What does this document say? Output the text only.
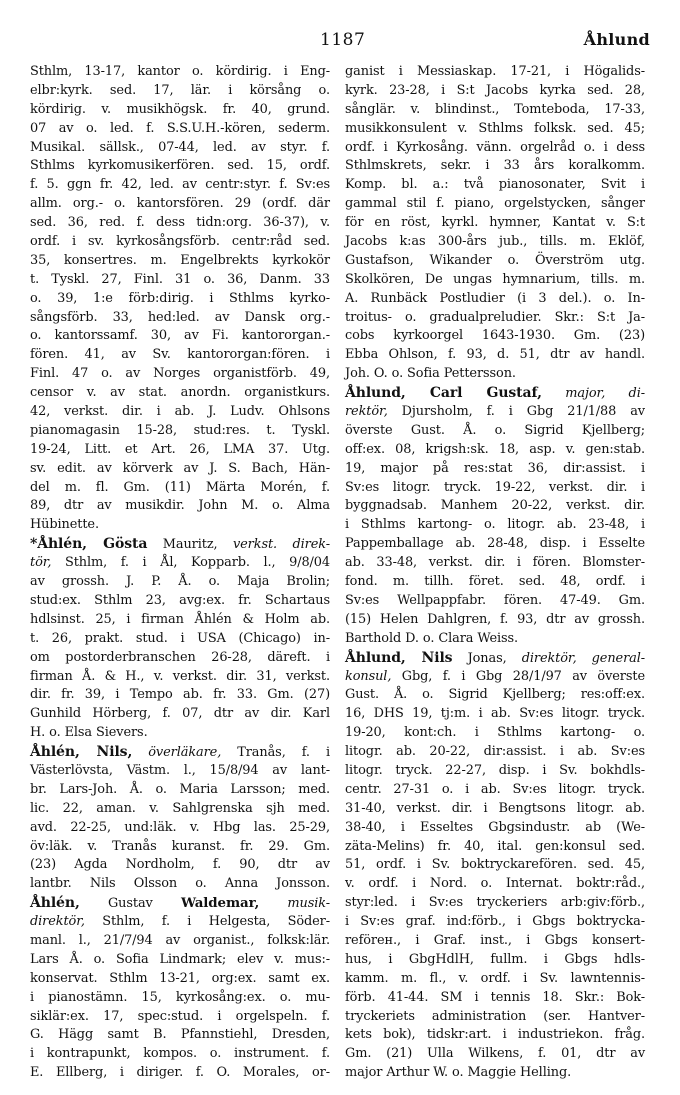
1187	Åhlund
Sthlm, 13-17, kantor o. kördirig. i Eng-
elbr:kyrk. sed. 17, lär. i körsång o.
kördirig. v. musikhögsk. fr. 40, grund.
07 av o. led. f. S.S.U.H.-kören, sederm.
Musikal. sällsk., 07-44, led. av styr. f.
Sthlms kyrkomusikerfören. sed. 15, ordf.
f. 5. ggn fr. 42, led. av centr:styr. f. Sv:es
allm. org.- o. kantorsfören. 29 (ordf. där
sed. 36, red. f. dess tidn:org. 36-37), v.
ordf. i sv. kyrkosångsförb. centr:råd sed.
35, konsertres. m. Engelbrekts kyrkokör
t. Tyskl. 27, Finl. 31 o. 36, Danm. 33
o. 39, 1:e förb:dirig. i Sthlms kyrko-
sångsförb. 33, hed:led. av Dansk org.-
o. kantorssamf. 30, av Fi. kantororgan.-
fören. 41, av Sv. kantororgan:fören. i
Finl. 47 o. av Norges organistförb. 49,
censor v. av stat. anordn. organistkurs.
42, verkst. dir. i ab. J. Ludv. Ohlsons
pianomagasin 15-28, stud:res. t. Tyskl.
19-24, Litt. et Art. 26, LMA 37. Utg.
sv. edit. av körverk av J. S. Bach, Hän-
del m. fl. Gm. (11) Märta Morén, f.
89, dtr av musikdir. John M. o. Alma
Hübinette.
*Åhlén, Gösta Mauritz, verkst. direk-
tör, Sthlm, f. i Ål, Kopparb. l., 9/8/04
av grossh. J. P. Å. o. Maja Brolin;
stud:ex. Sthlm 23, avg:ex. fr. Schartaus
hdlsinst. 25, i firman Åhlén & Holm ab.
t. 26, prakt. stud. i USA (Chicago) in-
om postorderbranschen 26-28, däreft. i
firman Å. & H., v. verkst. dir. 31, verkst.
dir. fr. 39, i Tempo ab. fr. 33. Gm. (27)
Gunhild Hörberg, f. 07, dtr av dir. Karl
H. o. Elsa Sievers.
Åhlén, Nils, överläkare, Tranås, f. i
Västerlövsta, Västm. l., 15/8/94 av lant-
br. Lars-Joh. Å. o. Maria Larsson; med.
lic. 22, aman. v. Sahlgrenska sjh med.
avd. 22-25, und:läk. v. Hbg las. 25-29,
öv:läk. v. Tranås kuranst. fr. 29. Gm.
(23) Agda Nordholm, f. 90, dtr av
lantbr. Nils Olsson o. Anna Jonsson.
Åhlén, Gustav Waldemar, musik-
direktör, Sthlm, f. i Helgesta, Söder-
manl. l., 21/7/94 av organist., folksk:lär.
Lars Å. o. Sofia Lindmark; elev v. mus:-
konservat. Sthlm 13-21, org:ex. samt ex.
i pianostämn. 15, kyrkosång:ex. o. mu-
siklär:ex. 17, spec:stud. i orgelspeln. f.
G. Hägg samt B. Pfannstiehl, Dresden,
i kontrapunkt, kompos. o. instrument. f.
E. Ellberg, i diriger. f. O. Morales, or-
ganist i Messiaskap. 17-21, i Högalids-
kyrk. 23-28, i S:t Jacobs kyrka sed. 28,
sånglär. v. blindinst., Tomteboda, 17-33,
musikkonsulent v. Sthlms folksk. sed. 45;
ordf. i Kyrkosång. vänn. orgelråd o. i dess
Sthlmskrets, sekr. i 33 års koralkomm.
Komp. bl. a.: två pianosonater, Svit i
gammal stil f. piano, orgelstycken, sånger
för en röst, kyrkl. hymner, Kantat v. S:t
Jacobs k:as 300-års jub., tills. m. Eklöf,
Gustafson, Wikander o. Överström utg.
Skolkören, De ungas hymnarium, tills. m.
A. Runbäck Postludier (i 3 del.). o. In-
troitus- o. gradualpreludier. Skr.: S:t Ja-
cobs kyrkoorgel 1643-1930. Gm. (23)
Ebba Ohlson, f. 93, d. 51, dtr av handl.
Joh. O. o. Sofia Pettersson.
Åhlund, Carl Gustaf, major, di-
rektör, Djursholm, f. i Gbg 21/1/88 av
överste Gust. Å. o. Sigrid Kjellberg;
off:ex. 08, krigsh:sk. 18, asp. v. gen:stab.
19, major på res:stat 36, dir:assist. i
Sv:es litogr. tryck. 19-22, verkst. dir. i
byggnadsab. Manhem 20-22, verkst. dir.
i Sthlms kartong- o. litogr. ab. 23-48, i
Pappemballage ab. 28-48, disp. i Esselte
ab. 33-48, verkst. dir. i fören. Blomster-
fond. m. tillh. föret. sed. 48, ordf. i
Sv:es Wellpappfabr. fören. 47-49. Gm.
(15) Helen Dahlgren, f. 93, dtr av grossh.
Barthold D. o. Clara Weiss.
Åhlund, Nils Jonas, direktör, general-
konsul, Gbg, f. i Gbg 28/1/97 av överste
Gust. Å. o. Sigrid Kjellberg; res:off:ex.
16, DHS 19, tj:m. i ab. Sv:es litogr. tryck.
19-20, kont:ch. i Sthlms kartong- o.
litogr. ab. 20-22, dir:assist. i ab. Sv:es
litogr. tryck. 22-27, disp. i Sv. bokhdls-
centr. 27-31 o. i ab. Sv:es litogr. tryck.
31-40, verkst. dir. i Bengtsons litogr. ab.
38-40, i Esseltes Gbgsindustr. ab (We-
zäta-Melins) fr. 40, ital. gen:konsul sed.
51, ordf. i Sv. boktryckarefören. sed. 45,
v. ordf. i Nord. o. Internat. boktr:råd.,
styr:led. i Sv:es tryckeriers arb:giv:förb.,
i Sv:es graf. ind:förb., i Gbgs boktrycka-
reförен., i Graf. inst., i Gbgs konsert-
hus, i GbgHdlH, fullm. i Gbgs hdls-
kamm. m. fl., v. ordf. i Sv. lawntennis-
förb. 41-44. SM i tennis 18. Skr.: Bok-
tryckeriets administration (ser. Hantver-
kets bok), tidskr:art. i industriekon. fråg.
Gm. (21) Ulla Wilkens, f. 01, dtr av
major Arthur W. o. Maggie Helling.
